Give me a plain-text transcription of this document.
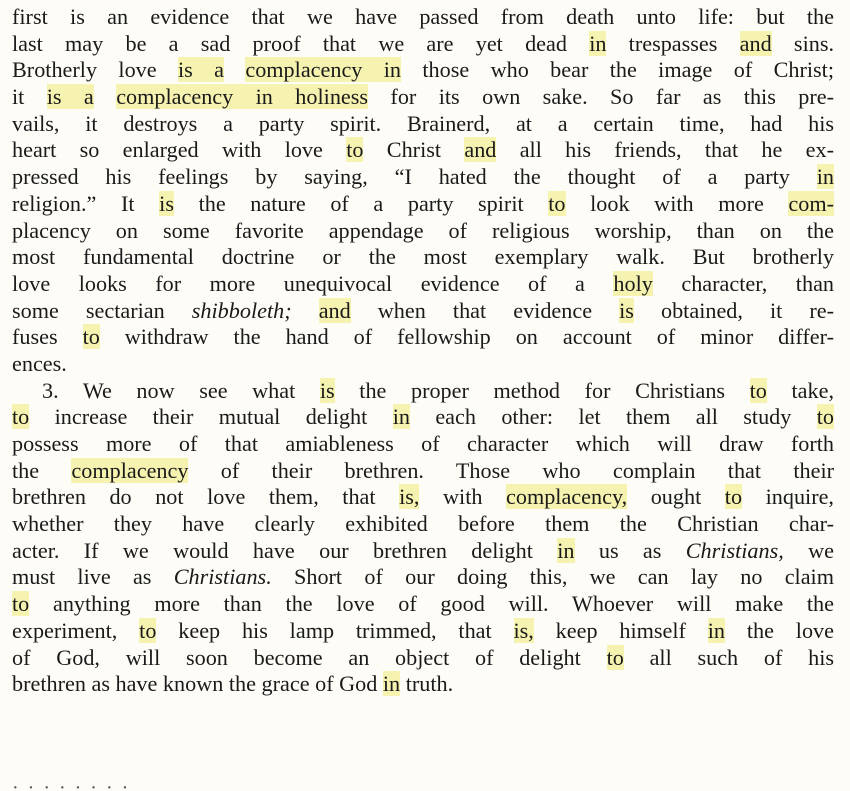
first is an evidence that we have passed from death unto life: but the
last may be a sad proof that we are yet dead in trespasses and sins.
Brotherly love is a complacency in those who bear the image of Christ;
it is a complacency in holiness for its own sake. So far as this pre-
vails, it destroys a party spirit. Brainerd, at a certain time, had his
heart so enlarged with love to Christ and all his friends, that he ex-
pressed his feelings by saying, “I hated the thought of a party in
religion.” It is the nature of a party spirit to look with more com-
placency on some favorite appendage of religious worship, than on the
most fundamental doctrine or the most exemplary walk. But brotherly
love looks for more unequivocal evidence of a holy character, than
some sectarian shibboleth; and when that evidence is obtained, it re-
fuses to withdraw the hand of fellowship on account of minor differ-
ences.
3. We now see what is the proper method for Christians to take,
to increase their mutual delight in each other: let them all study to
possess more of that amiableness of character which will draw forth
the complacency of their brethren. Those who complain that their
brethren do not love them, that is, with complacency, ought to inquire,
whether they have clearly exhibited before them the Christian char-
acter. If we would have our brethren delight in us as Christians, we
must live as Christians. Short of our doing this, we can lay no claim
to anything more than the love of good will. Whoever will make the
experiment, to keep his lamp trimmed, that is, keep himself in the love
of God, will soon become an object of delight to all such of his
brethren as have known the grace of God in truth.
· · · · · · · ·
